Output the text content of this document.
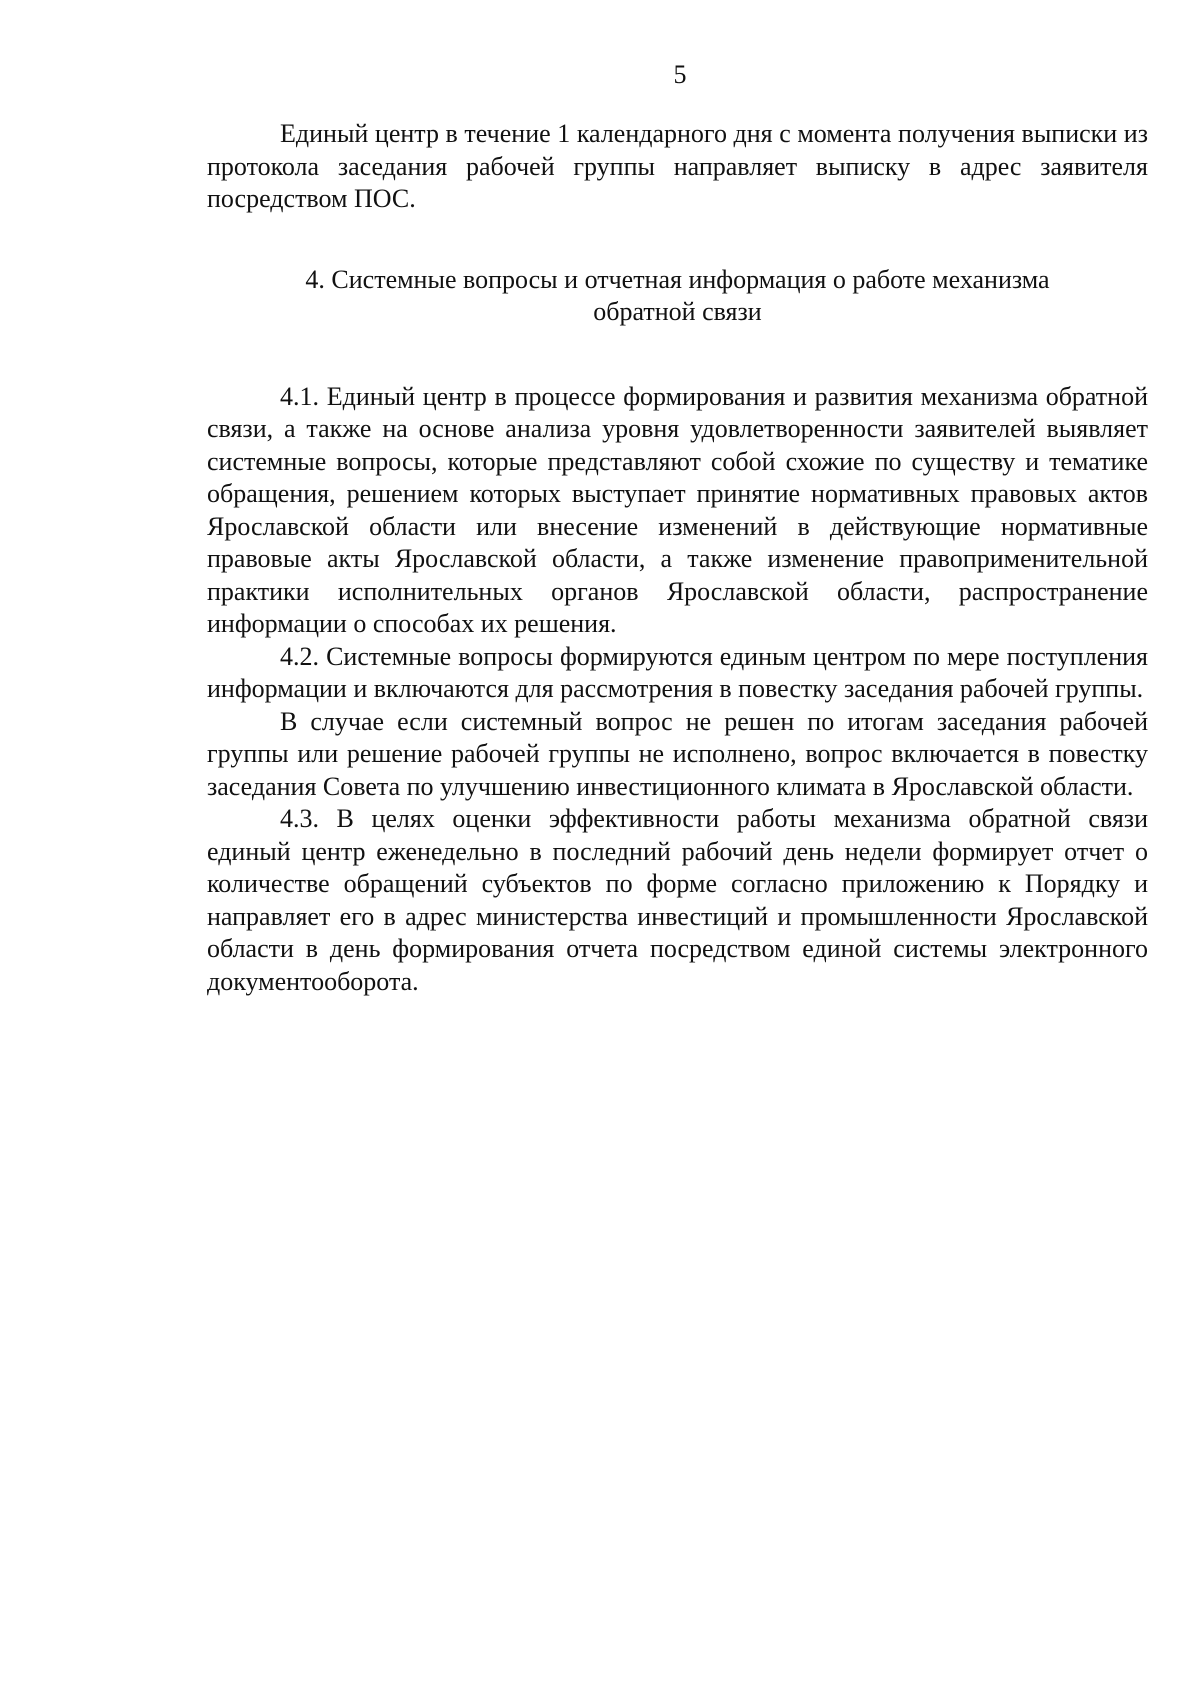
5

Единый центр в течение 1 календарного дня с момента получения выписки из протокола заседания рабочей группы направляет выписку в адрес заявителя посредством ПОС.

4. Системные вопросы и отчетная информация о работе механизма
обратной связи

4.1. Единый центр в процессе формирования и развития механизма обратной связи, а также на основе анализа уровня удовлетворенности заявителей выявляет системные вопросы, которые представляют собой схожие по существу и тематике обращения, решением которых выступает принятие нормативных правовых актов Ярославской области или внесение изменений в действующие нормативные правовые акты Ярославской области, а также изменение правоприменительной практики исполнительных органов Ярославской области, распространение информации о способах их решения.

4.2. Системные вопросы формируются единым центром по мере поступления информации и включаются для рассмотрения в повестку заседания рабочей группы.

В случае если системный вопрос не решен по итогам заседания рабочей группы или решение рабочей группы не исполнено, вопрос включается в повестку заседания Совета по улучшению инвестиционного климата в Ярославской области.

4.3. В целях оценки эффективности работы механизма обратной связи единый центр еженедельно в последний рабочий день недели формирует отчет о количестве обращений субъектов по форме согласно приложению к Порядку и направляет его в адрес министерства инвестиций и промышленности Ярославской области в день формирования отчета посредством единой системы электронного документооборота.
